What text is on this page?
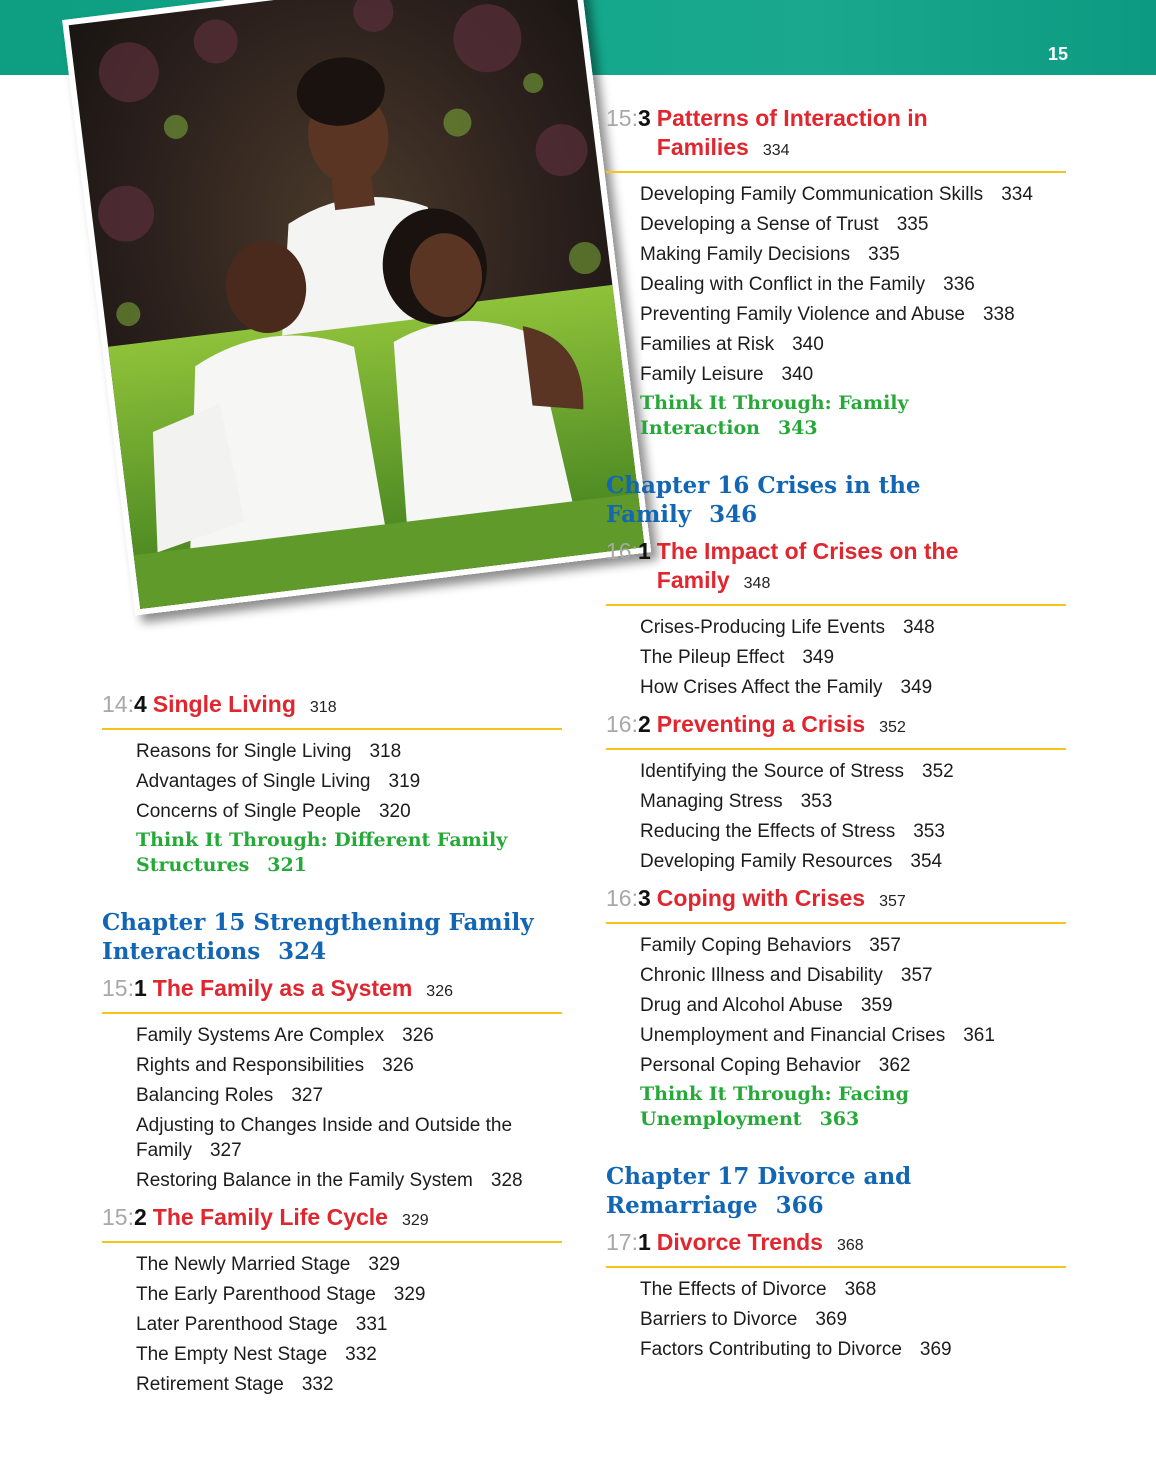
15
14:4 Single Living 318
Reasons for Single Living 318
Advantages of Single Living 319
Concerns of Single People 320
Think It Through: Different Family Structures 321
Chapter 15 Strengthening Family Interactions 324
15:1 The Family as a System 326
Family Systems Are Complex 326
Rights and Responsibilities 326
Balancing Roles 327
Adjusting to Changes Inside and Outside the Family 327
Restoring Balance in the Family System 328
15:2 The Family Life Cycle 329
The Newly Married Stage 329
The Early Parenthood Stage 329
Later Parenthood Stage 331
The Empty Nest Stage 332
Retirement Stage 332
15:3 Patterns of Interaction in Families 334
Developing Family Communication Skills 334
Developing a Sense of Trust 335
Making Family Decisions 335
Dealing with Conflict in the Family 336
Preventing Family Violence and Abuse 338
Families at Risk 340
Family Leisure 340
Think It Through: Family Interaction 343
Chapter 16 Crises in the Family 346
16:1 The Impact of Crises on the Family 348
Crises-Producing Life Events 348
The Pileup Effect 349
How Crises Affect the Family 349
16:2 Preventing a Crisis 352
Identifying the Source of Stress 352
Managing Stress 353
Reducing the Effects of Stress 353
Developing Family Resources 354
16:3 Coping with Crises 357
Family Coping Behaviors 357
Chronic Illness and Disability 357
Drug and Alcohol Abuse 359
Unemployment and Financial Crises 361
Personal Coping Behavior 362
Think It Through: Facing Unemployment 363
Chapter 17 Divorce and Remarriage 366
17:1 Divorce Trends 368
The Effects of Divorce 368
Barriers to Divorce 369
Factors Contributing to Divorce 369
